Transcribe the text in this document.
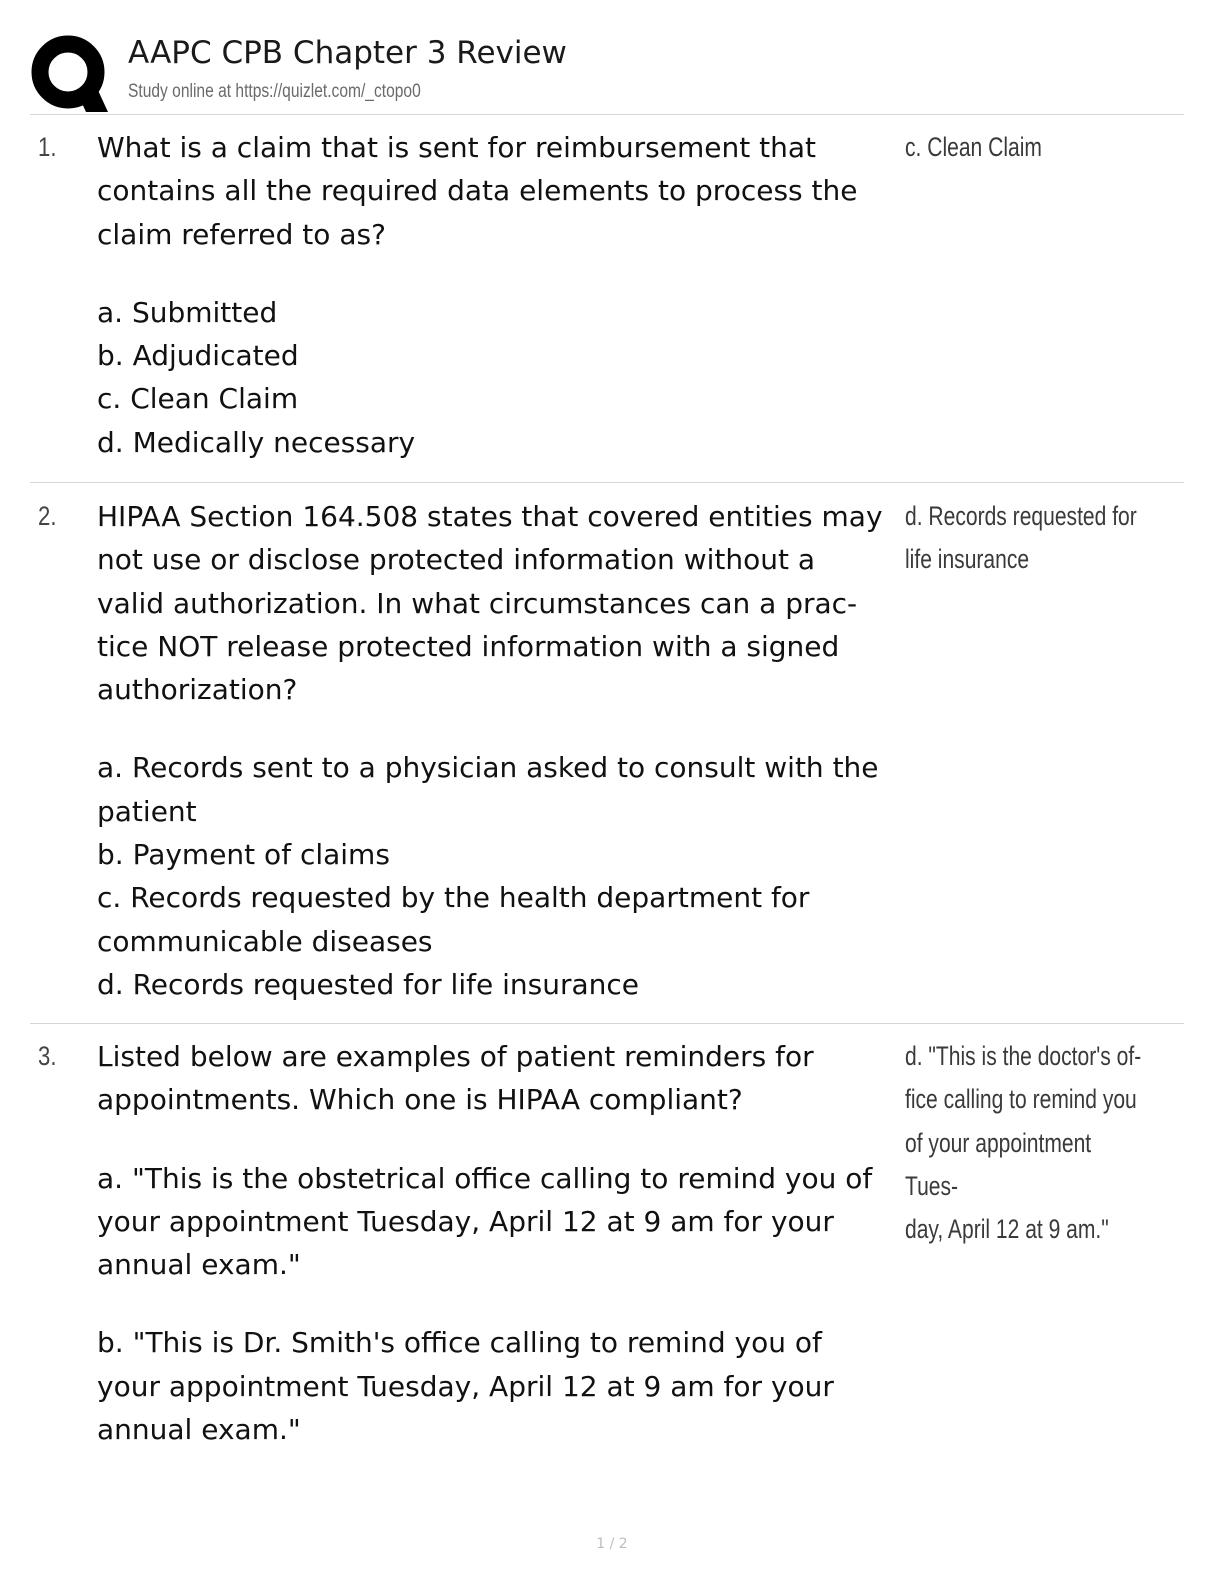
AAPC CPB Chapter 3 Review
Study online at https://quizlet.com/_ctopo0
1. What is a claim that is sent for reimbursement that

contains all the required data elements to process the

claim referred to as?

a. Submitted

b. Adjudicated

c. Clean Claim

d. Medically necessary

c. Clean Claim
2. HIPAA Section 164.508 states that covered entities may

not use or disclose protected information without a

valid authorization. In what circumstances can a prac-

tice NOT release protected information with a signed

authorization?

a. Records sent to a physician asked to consult with the

patient

b. Payment of claims

c. Records requested by the health department for

communicable diseases

d. Records requested for life insurance

d. Records requested for
life insurance
3. Listed below are examples of patient reminders for

appointments. Which one is HIPAA compliant?

a. "This is the obstetrical office calling to remind you of

your appointment Tuesday, April 12 at 9 am for your

annual exam."

b. "This is Dr. Smith's office calling to remind you of

your appointment Tuesday, April 12 at 9 am for your

annual exam."

d. "This is the doctor's of-
fice calling to remind you
of your appointment Tues-
day, April 12 at 9 am."
1 / 2
